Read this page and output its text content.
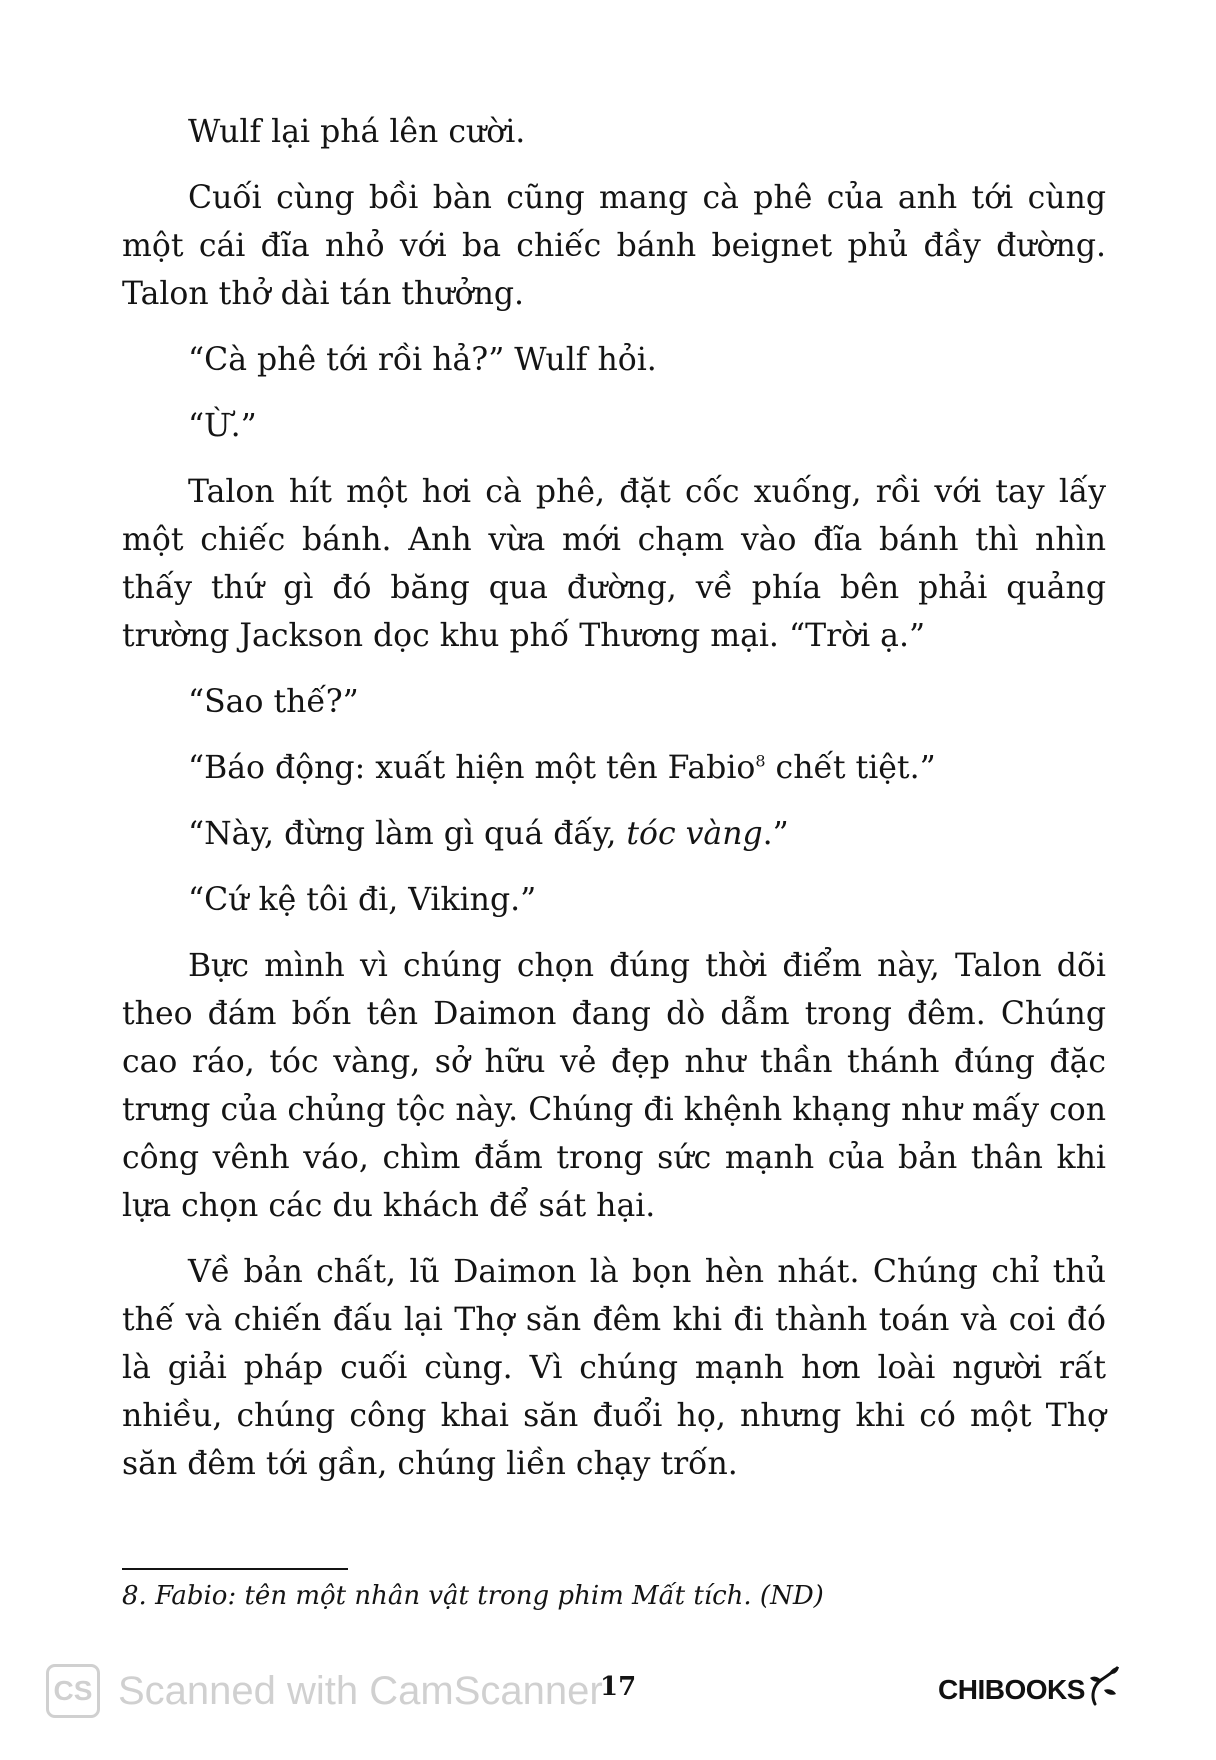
Wulf lại phá lên cười.

Cuối cùng bồi bàn cũng mang cà phê của anh tới cùng một cái đĩa nhỏ với ba chiếc bánh beignet phủ đầy đường. Talon thở dài tán thưởng.

“Cà phê tới rồi hả?” Wulf hỏi.

“Ừ.”

Talon hít một hơi cà phê, đặt cốc xuống, rồi với tay lấy một chiếc bánh. Anh vừa mới chạm vào đĩa bánh thì nhìn thấy thứ gì đó băng qua đường, về phía bên phải quảng trường Jackson dọc khu phố Thương mại. “Trời ạ.”

“Sao thế?”

“Báo động: xuất hiện một tên Fabio$^8$ chết tiệt.”

“Này, đừng làm gì quá đấy, tóc vàng.”

“Cứ kệ tôi đi, Viking.”

Bực mình vì chúng chọn đúng thời điểm này, Talon dõi theo đám bốn tên Daimon đang dò dẫm trong đêm. Chúng cao ráo, tóc vàng, sở hữu vẻ đẹp như thần thánh đúng đặc trưng của chủng tộc này. Chúng đi khệnh khạng như mấy con công vênh váo, chìm đắm trong sức mạnh của bản thân khi lựa chọn các du khách để sát hại.

Về bản chất, lũ Daimon là bọn hèn nhát. Chúng chỉ thủ thế và chiến đấu lại Thợ săn đêm khi đi thành toán và coi đó là giải pháp cuối cùng. Vì chúng mạnh hơn loài người rất nhiều, chúng công khai săn đuổi họ, nhưng khi có một Thợ săn đêm tới gần, chúng liền chạy trốn.

8. Fabio: tên một nhân vật trong phim Mất tích. (ND)
CS Scanned with CamScanner
17	CHIBOOKS
